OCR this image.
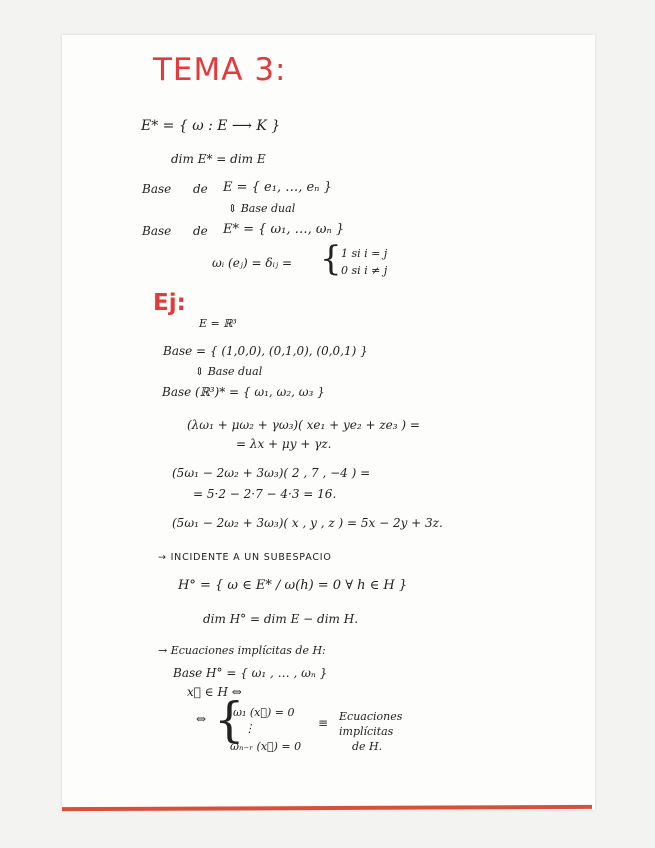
TEMA 3:
E* = { ω : E ⟶ K }
dim E* = dim E
Base de E = { e₁, …, eₙ }
⇕ Base dual
Base de E* = { ω₁, …, ωₙ }
ωᵢ (eⱼ) = δᵢⱼ = { 1 si i = j
0 si i ≠ j
Ej:
E = ℝ³
Base = { (1,0,0), (0,1,0), (0,0,1) }
⇕ Base dual
Base (ℝ³)* = { ω₁, ω₂, ω₃ }
(λω₁ + μω₂ + γω₃)( xe₁ + ye₂ + ze₃ ) =
= λx + μy + γz.
(5ω₁ − 2ω₂ + 3ω₃)( 2 , 7 , −4 ) =
= 5·2 − 2·7 − 4·3 = 16.
(5ω₁ − 2ω₂ + 3ω₃)( x , y , z ) = 5x − 2y + 3z.
→ INCIDENTE A UN SUBESPACIO
H° = { ω ∈ E* / ω(h) = 0 ∀ h ∈ H }
dim H° = dim E − dim H.
→ Ecuaciones implícitas de H:
Base H° = { ω₁ , … , ωₙ }
x⃗ ∈ H ⇔
⇔ {
ω₁ (x⃗) = 0
⋮
ωₙ₋ᵣ (x⃗) = 0
≡ Ecuaciones
implícitas
de H.
